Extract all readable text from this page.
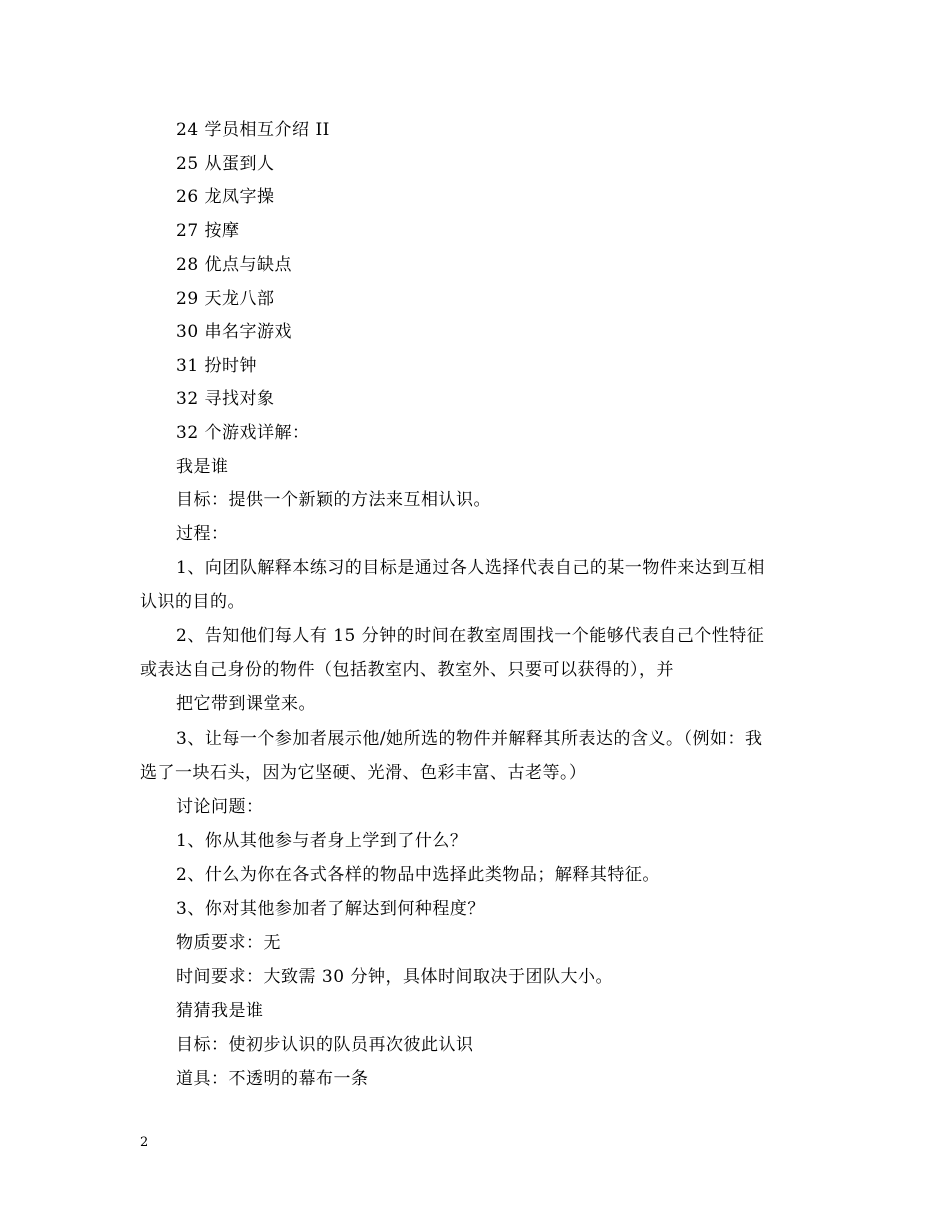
24 学员相互介绍 II
25 从蛋到人
26 龙凤字操
27 按摩
28 优点与缺点
29 天龙八部
30 串名字游戏
31 扮时钟
32 寻找对象
32 个游戏详解：
我是谁
目标：提供一个新颖的方法来互相认识。
过程：
1、向团队解释本练习的目标是通过各人选择代表自己的某一物件来达到互相
认识的目的。
2、告知他们每人有 15 分钟的时间在教室周围找一个能够代表自己个性特征
或表达自己身份的物件（包括教室内、教室外、只要可以获得的），并
把它带到课堂来。
3、让每一个参加者展示他/她所选的物件并解释其所表达的含义。（例如：我
选了一块石头，因为它坚硬、光滑、色彩丰富、古老等。）
讨论问题：
1、你从其他参与者身上学到了什么？
2、什么为你在各式各样的物品中选择此类物品；解释其特征。
3、你对其他参加者了解达到何种程度？
物质要求：无
时间要求：大致需 30 分钟，具体时间取决于团队大小。
猜猜我是谁
目标：使初步认识的队员再次彼此认识
道具：不透明的幕布一条
2
